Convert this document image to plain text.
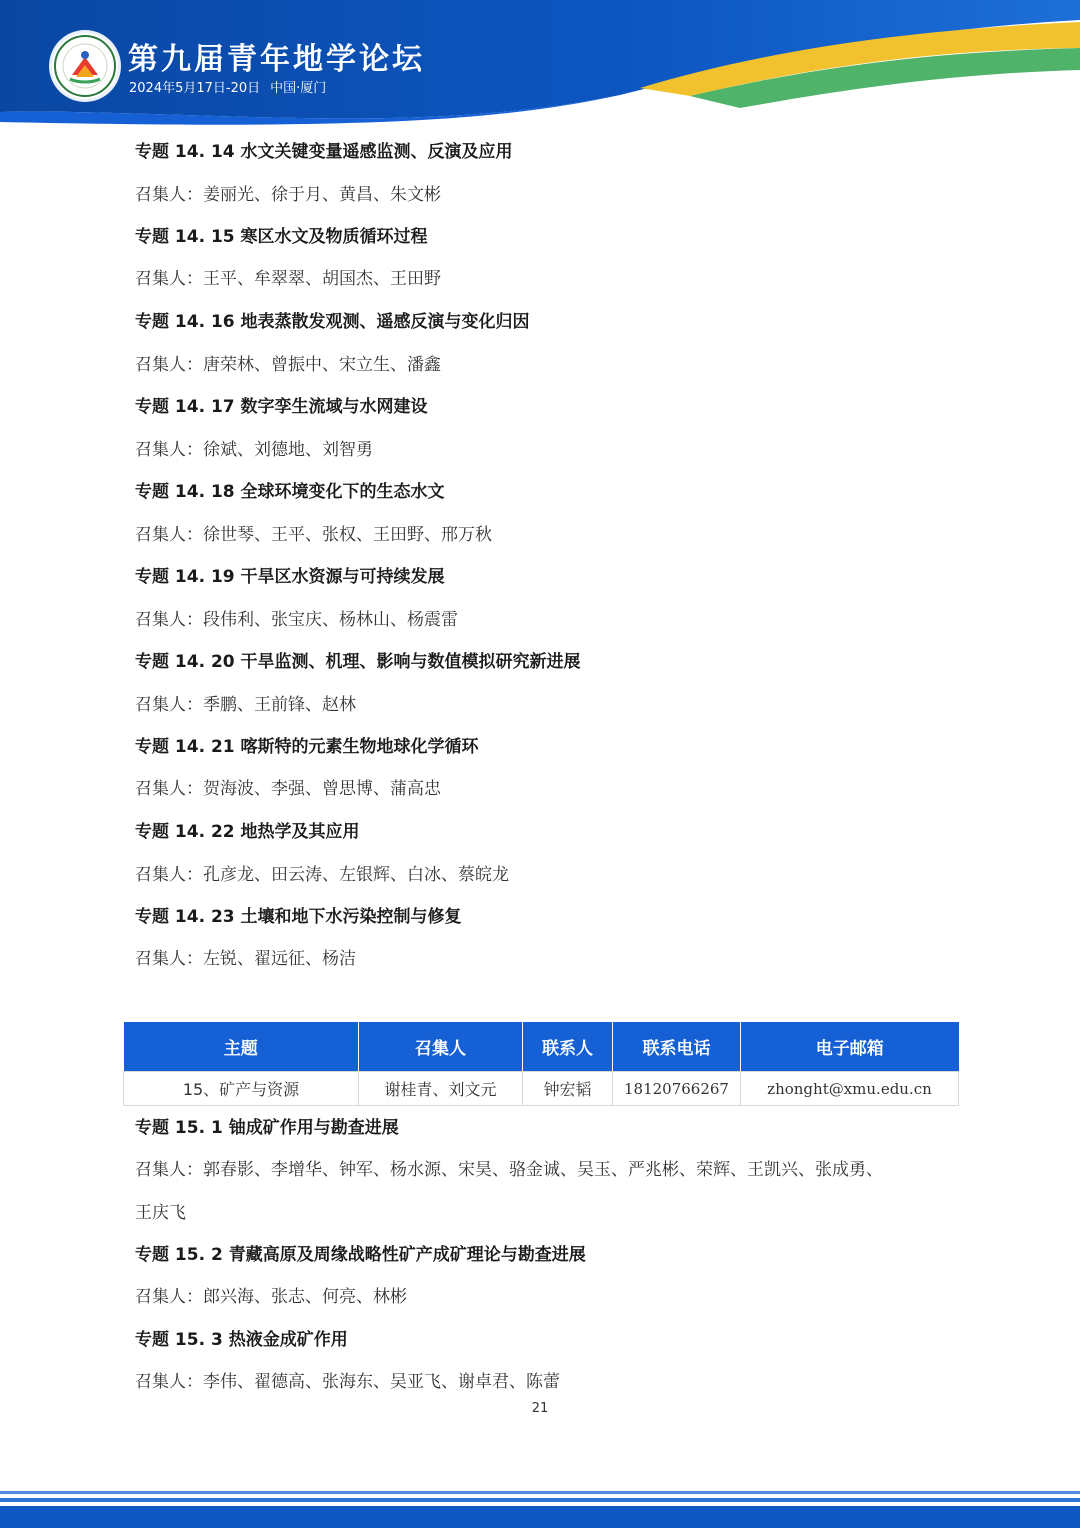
第九届青年地学论坛
2024年5月17日-20日 中国·厦门
专题 14. 14 水文关键变量遥感监测、反演及应用
召集人：姜丽光、徐于月、黄昌、朱文彬
专题 14. 15 寒区水文及物质循环过程
召集人：王平、牟翠翠、胡国杰、王田野
专题 14. 16 地表蒸散发观测、遥感反演与变化归因
召集人：唐荣林、曾振中、宋立生、潘鑫
专题 14. 17 数字孪生流域与水网建设
召集人：徐斌、刘德地、刘智勇
专题 14. 18 全球环境变化下的生态水文
召集人：徐世琴、王平、张权、王田野、邢万秋
专题 14. 19 干旱区水资源与可持续发展
召集人：段伟利、张宝庆、杨林山、杨震雷
专题 14. 20 干旱监测、机理、影响与数值模拟研究新进展
召集人：季鹏、王前锋、赵林
专题 14. 21 喀斯特的元素生物地球化学循环
召集人：贺海波、李强、曾思博、蒲高忠
专题 14. 22 地热学及其应用
召集人：孔彦龙、田云涛、左银辉、白冰、蔡皖龙
专题 14. 23 土壤和地下水污染控制与修复
召集人：左锐、翟远征、杨洁
主题	召集人	联系人	联系电话	电子邮箱
15、矿产与资源	谢桂青、刘文元	钟宏韬	18120766267	zhonght@xmu.edu.cn
专题 15. 1 铀成矿作用与勘查进展
召集人：郭春影、李增华、钟军、杨水源、宋昊、骆金诚、吴玉、严兆彬、荣辉、王凯兴、张成勇、
王庆飞
专题 15. 2 青藏高原及周缘战略性矿产成矿理论与勘查进展
召集人：郎兴海、张志、何亮、林彬
专题 15. 3 热液金成矿作用
召集人：李伟、翟德高、张海东、吴亚飞、谢卓君、陈蕾
21
